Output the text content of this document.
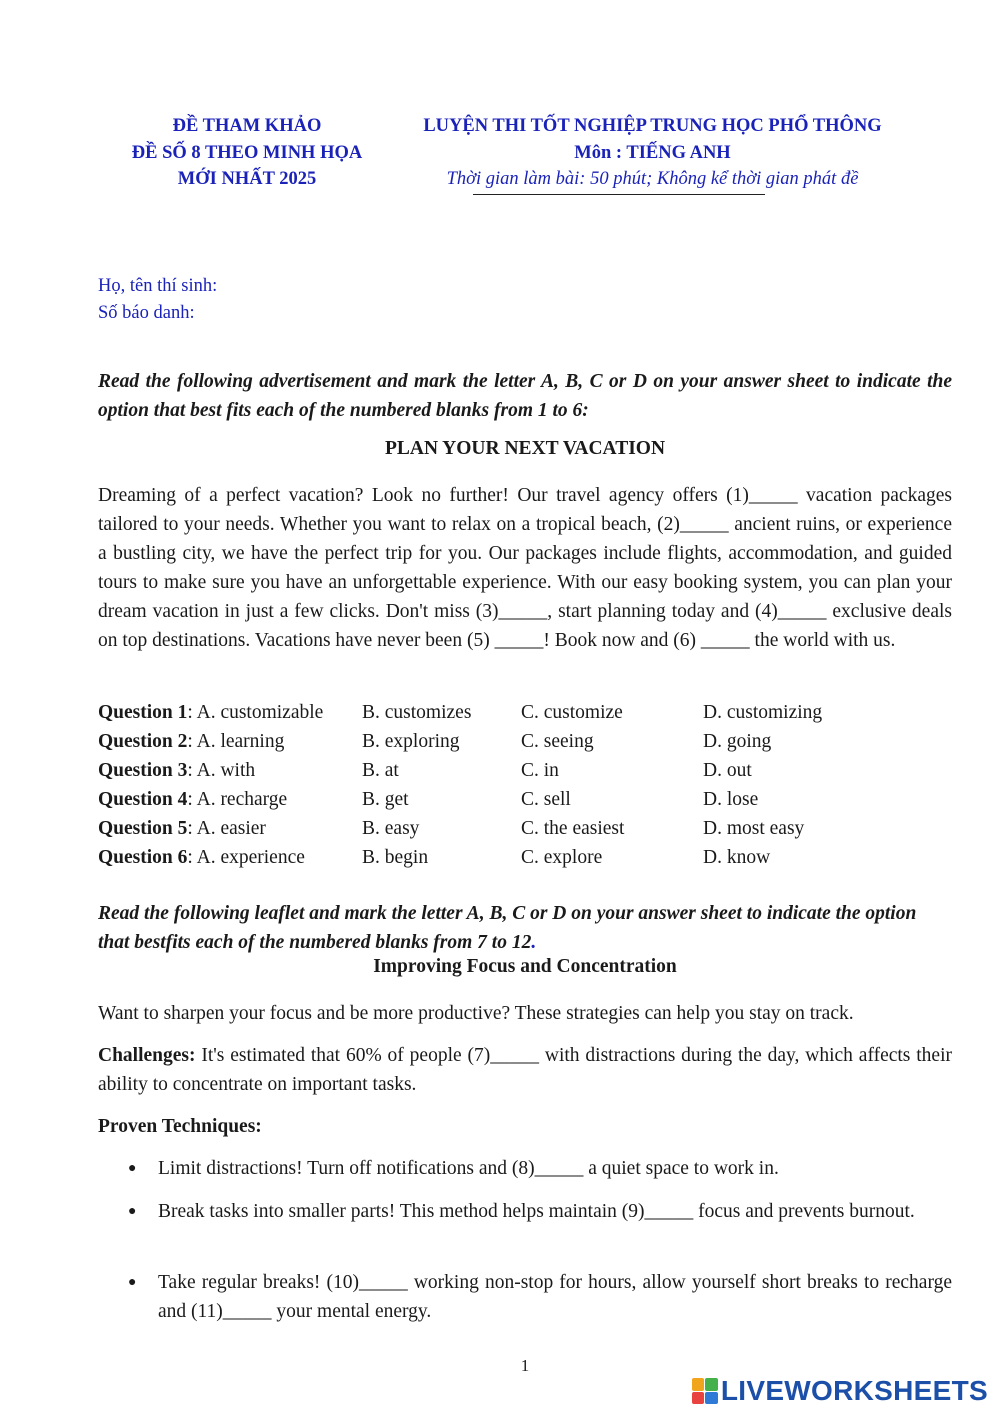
ĐỀ THAM KHẢO
ĐỀ SỐ 8 THEO MINH HỌA
MỚI NHẤT 2025
LUYỆN THI TỐT NGHIỆP TRUNG HỌC PHỔ THÔNG
Môn : TIẾNG ANH
Thời gian làm bài: 50 phút; Không kể thời gian phát đề
Họ, tên thí sinh:
Số báo danh:
Read the following advertisement and mark the letter A, B, C or D on your answer sheet to indicate the option that best fits each of the numbered blanks from 1 to 6:
PLAN YOUR NEXT VACATION

Dreaming of a perfect vacation? Look no further! Our travel agency offers (1)_____ vacation packages tailored to your needs. Whether you want to relax on a tropical beach, (2)_____ ancient ruins, or experience a bustling city, we have the perfect trip for you. Our packages include flights, accommodation, and guided tours to make sure you have an unforgettable experience. With our easy booking system, you can plan your dream vacation in just a few clicks. Don't miss (3)_____, start planning today and (4)_____ exclusive deals on top destinations. Vacations have never been (5) _____! Book now and (6) _____ the world with us.

Question 1: A. customizable	B. customizes	C. customize	D. customizing
Question 2: A. learning	B. exploring	C. seeing	D. going
Question 3: A. with	B. at	C. in	D. out
Question 4: A. recharge	B. get	C. sell	D. lose
Question 5: A. easier	B. easy	C. the easiest	D. most easy
Question 6: A. experience	B. begin	C. explore	D. know
Read the following leaflet and mark the letter A, B, C or D on your answer sheet to indicate the option that bestfits each of the numbered blanks from 7 to 12.
Improving Focus and Concentration

Want to sharpen your focus and be more productive? These strategies can help you stay on track.

Challenges: It's estimated that 60% of people (7)_____ with distractions during the day, which affects their ability to concentrate on important tasks.

Proven Techniques:

● Limit distractions! Turn off notifications and (8)_____ a quiet space to work in.
● Break tasks into smaller parts! This method helps maintain (9)_____ focus and prevents burnout.
● Take regular breaks! (10)_____ working non-stop for hours, allow yourself short breaks to recharge and (11)_____ your mental energy.
1
LIVEWORKSHEETS
